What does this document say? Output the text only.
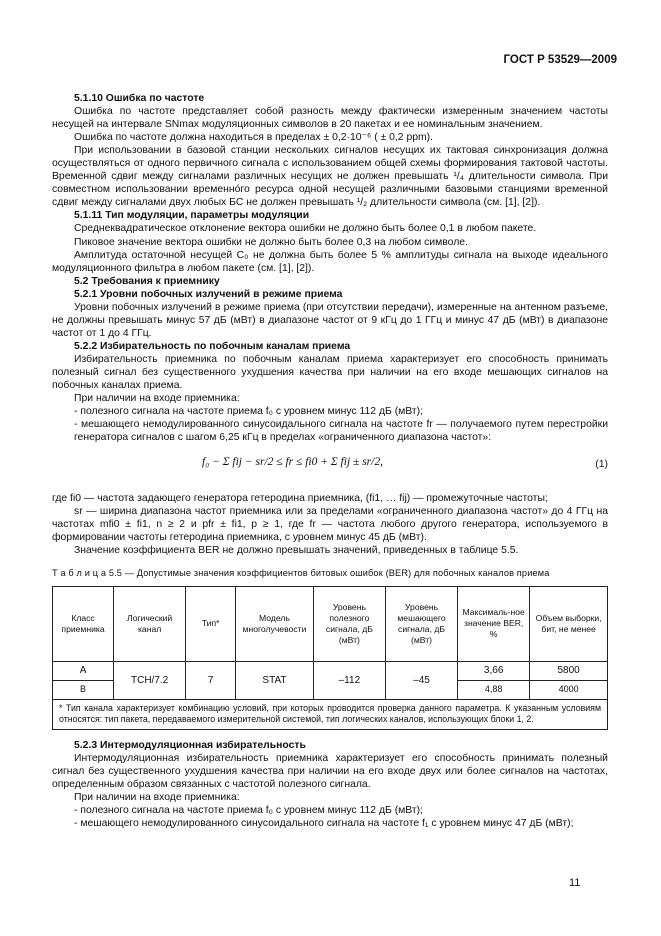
ГОСТ Р 53529—2009

5.1.10 Ошибка по частоте

Ошибка по частоте представляет собой разность между фактически измеренным значением частоты несущей на интервале SNmax модуляционных символов в 20 пакетах и ее номинальным значением.

Ошибка по частоте должна находиться в пределах ± 0,2·10⁻⁶ ( ± 0,2 ppm).

При использовании в базовой станции нескольких сигналов несущих их тактовая синхронизация должна осуществляться от одного первичного сигнала с использованием общей схемы формирования тактовой частоты. Временной сдвиг между сигналами различных несущих не должен превышать ¹/₄ длительности символа. При совместном использовании временно́го ресурса одной несущей различными базовыми станциями временной сдвиг между сигналами двух любых БС не должен превышать ¹/₂ длительности символа (см. [1], [2]).

5.1.11 Тип модуляции, параметры модуляции

Среднеквадратическое отклонение вектора ошибки не должно быть более 0,1 в любом пакете.

Пиковое значение вектора ошибки не должно быть более 0,3 на любом символе.

Амплитуда остаточной несущей C₀ не должна быть более 5 % амплитуды сигнала на выходе идеального модуляционного фильтра в любом пакете (см. [1], [2]).

5.2 Требования к приемнику

5.2.1 Уровни побочных излучений в режиме приема

Уровни побочных излучений в режиме приема (при отсутствии передачи), измеренные на антенном разъеме, не должны превышать минус 57 дБ (мВт) в диапазоне частот от 9 кГц до 1 ГГц и минус 47 дБ (мВт) в диапазоне частот от 1 до 4 ГГц.

5.2.2 Избирательность по побочным каналам приема

Избирательность приемника по побочным каналам приема характеризует его способность принимать полезный сигнал без существенного ухудшения качества при наличии на его входе мешающих сигналов на побочных каналах приема.

При наличии на входе приемника:

- полезного сигнала на частоте приема f₀ с уровнем минус 112 дБ (мВт);

- мешающего немодулированного синусоидального сигнала на частоте fr — получаемого путем перестройки генератора сигналов с шагом 6,25 кГц в пределах «ограниченного диапазона частот»:

f₀ − Σ fij − sr/2 ≤ fr ≤ fi0 + Σ fij ± sr/2,	(1)

где fi0 — частота задающего генератора гетеродина приемника, (fi1, … fij) — промежуточные частоты;

sr — ширина диапазона частот приемника или за пределами «ограниченного диапазона частот» до 4 ГГц на частотах mfi0 ± fi1, n ≥ 2 и pfr ± fi1, p ≥ 1, где fr — частота любого другого генератора, используемого в формировании частоты гетеродина приемника, с уровнем минус 45 дБ (мВт).

Значение коэффициента BER не должно превышать значений, приведенных в таблице 5.5.

Т а б л и ц а 5.5 — Допустимые значения коэффициентов битовых ошибок (BER) для побочных каналов приема

Класс приемника	Логический канал	Тип*	Модель многолучевости	Уровень полезного сигнала, дБ (мВт)	Уровень мешающего сигнала, дБ (мВт)	Максималь-ное значение BER, %	Объем выборки, бит, не менее
A	TCH/7.2	7	STAT	–112	–45	3,66	5800
B						4,88	4000
* Тип канала характеризует комбинацию условий, при которых проводится проверка данного параметра. К указанным условиям относятся: тип пакета, передаваемого измерительной системой, тип логических каналов, использующих блоки 1, 2.							

5.2.3 Интермодуляционная избирательность

Интермодуляционная избирательность приемника характеризует его способность принимать полезный сигнал без существенного ухудшения качества при наличии на его входе двух или более сигналов на частотах, определенным образом связанных с частотой полезного сигнала.

При наличии на входе приемника:

- полезного сигнала на частоте приема f₀ с уровнем минус 112 дБ (мВт);

- мешающего немодулированного синусоидального сигнала на частоте f₁ с уровнем минус 47 дБ (мВт);

11
